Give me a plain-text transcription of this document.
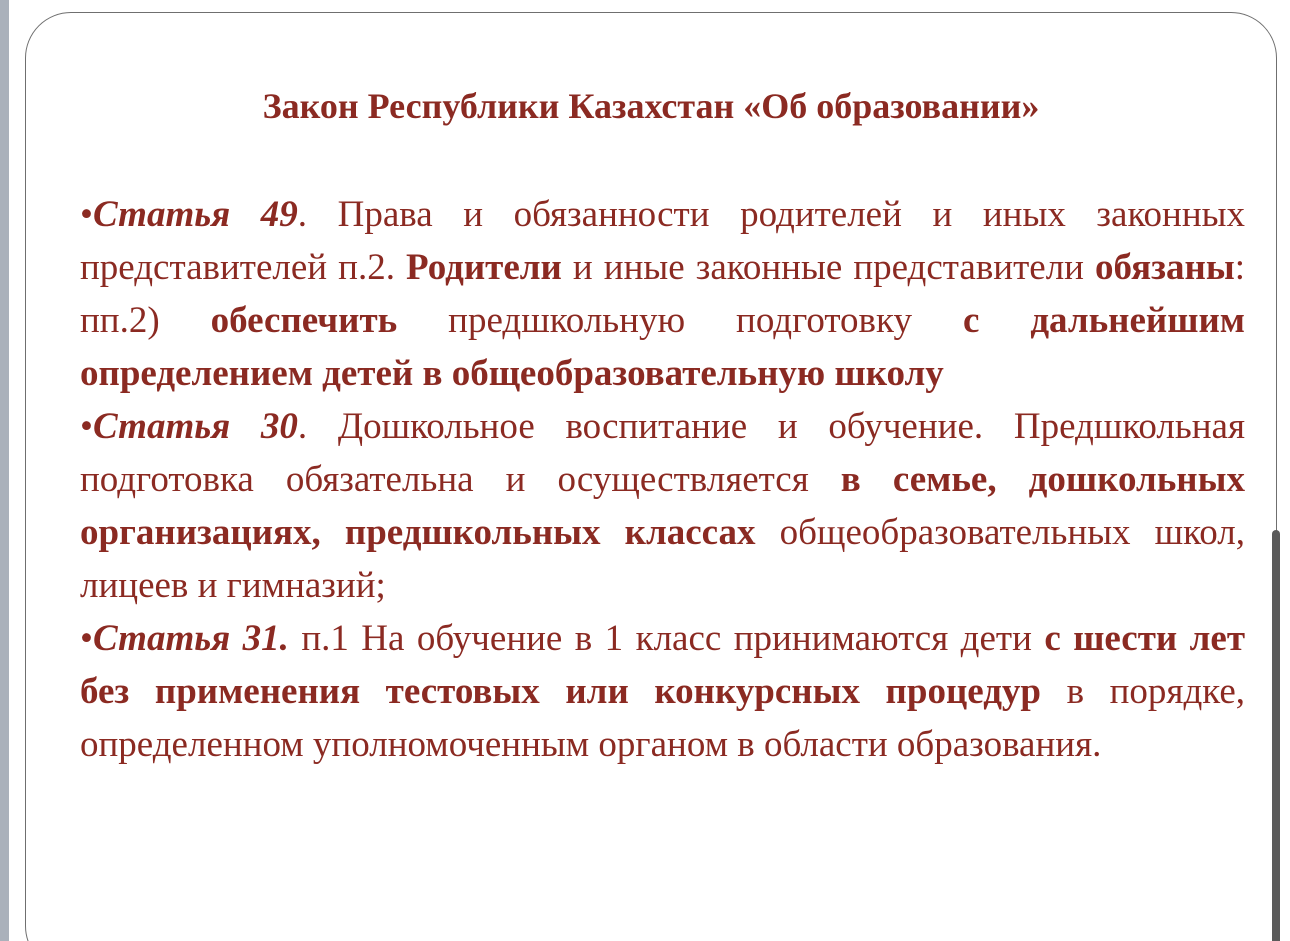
Закон Республики Казахстан «Об образовании»

•Статья 49. Права и обязанности родителей и иных законных представителей п.2. Родители и иные законные представители обязаны: пп.2) обеспечить предшкольную подготовку с дальнейшим определением детей в общеобразовательную школу

•Статья 30. Дошкольное воспитание и обучение. Предшкольная подготовка обязательна и осуществляется в семье, дошкольных организациях, предшкольных классах общеобразовательных школ, лицеев и гимназий;

•Статья 31. п.1 На обучение в 1 класс принимаются дети с шести лет без применения тестовых или конкурсных процедур в порядке, определенном уполномоченным органом в области образования.
